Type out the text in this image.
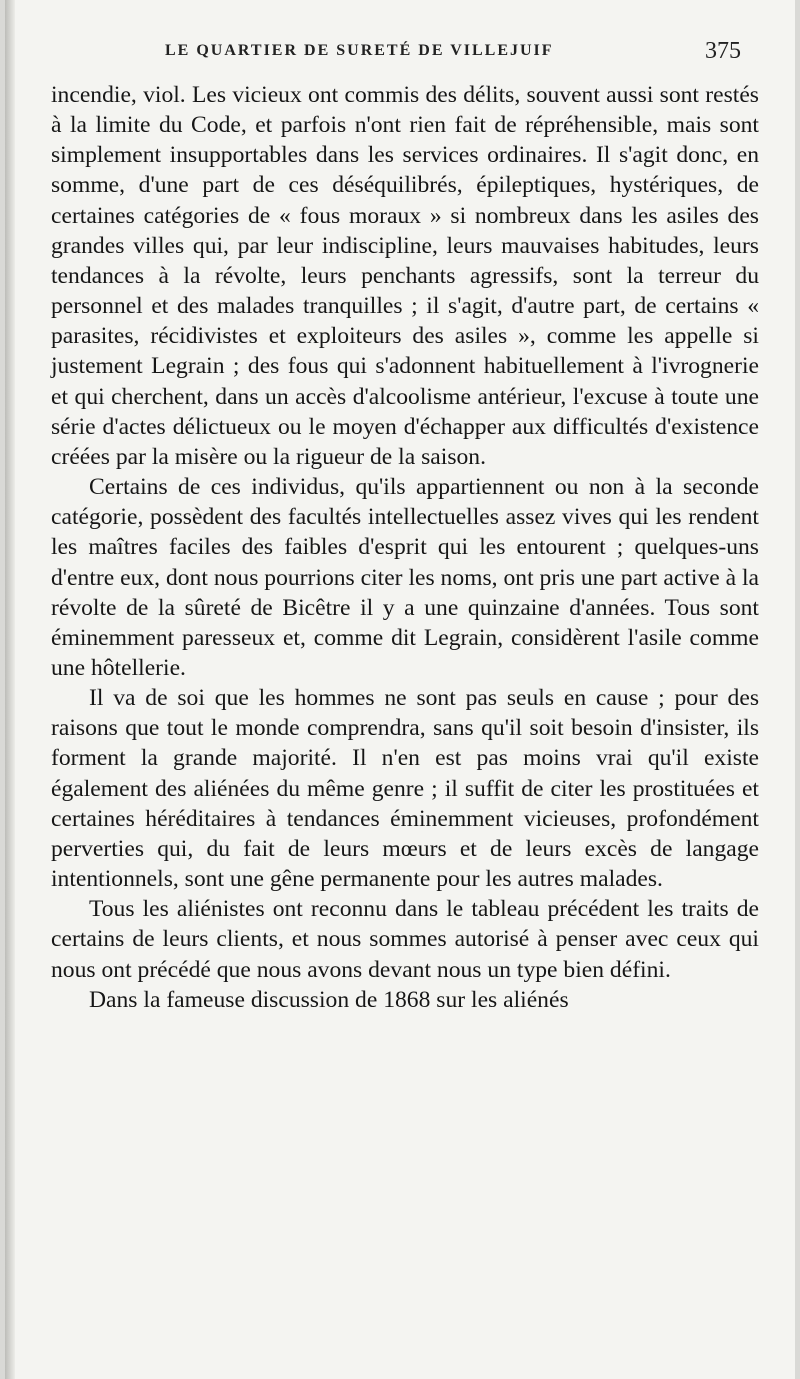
LE QUARTIER DE SURETÉ DE VILLEJUIF	375

incendie, viol. Les vicieux ont commis des délits, souvent aussi sont restés à la limite du Code, et parfois n'ont rien fait de répréhensible, mais sont simplement insupportables dans les services ordinaires. Il s'agit donc, en somme, d'une part de ces déséquilibrés, épileptiques, hystériques, de certaines catégories de « fous moraux » si nombreux dans les asiles des grandes villes qui, par leur indiscipline, leurs mauvaises habitudes, leurs tendances à la révolte, leurs penchants agressifs, sont la terreur du personnel et des malades tranquilles ; il s'agit, d'autre part, de certains « parasites, récidivistes et exploiteurs des asiles », comme les appelle si justement Legrain ; des fous qui s'adonnent habituellement à l'ivrognerie et qui cherchent, dans un accès d'alcoolisme antérieur, l'excuse à toute une série d'actes délictueux ou le moyen d'échapper aux difficultés d'existence créées par la misère ou la rigueur de la saison.

Certains de ces individus, qu'ils appartiennent ou non à la seconde catégorie, possèdent des facultés intellectuelles assez vives qui les rendent les maîtres faciles des faibles d'esprit qui les entourent ; quelques-uns d'entre eux, dont nous pourrions citer les noms, ont pris une part active à la révolte de la sûreté de Bicêtre il y a une quinzaine d'années. Tous sont éminemment paresseux et, comme dit Legrain, considèrent l'asile comme une hôtellerie.

Il va de soi que les hommes ne sont pas seuls en cause ; pour des raisons que tout le monde comprendra, sans qu'il soit besoin d'insister, ils forment la grande majorité. Il n'en est pas moins vrai qu'il existe également des aliénées du même genre ; il suffit de citer les prostituées et certaines héréditaires à tendances éminemment vicieuses, profondément perverties qui, du fait de leurs mœurs et de leurs excès de langage intentionnels, sont une gêne permanente pour les autres malades.

Tous les aliénistes ont reconnu dans le tableau précédent les traits de certains de leurs clients, et nous sommes autorisé à penser avec ceux qui nous ont précédé que nous avons devant nous un type bien défini.

Dans la fameuse discussion de 1868 sur les aliénés
